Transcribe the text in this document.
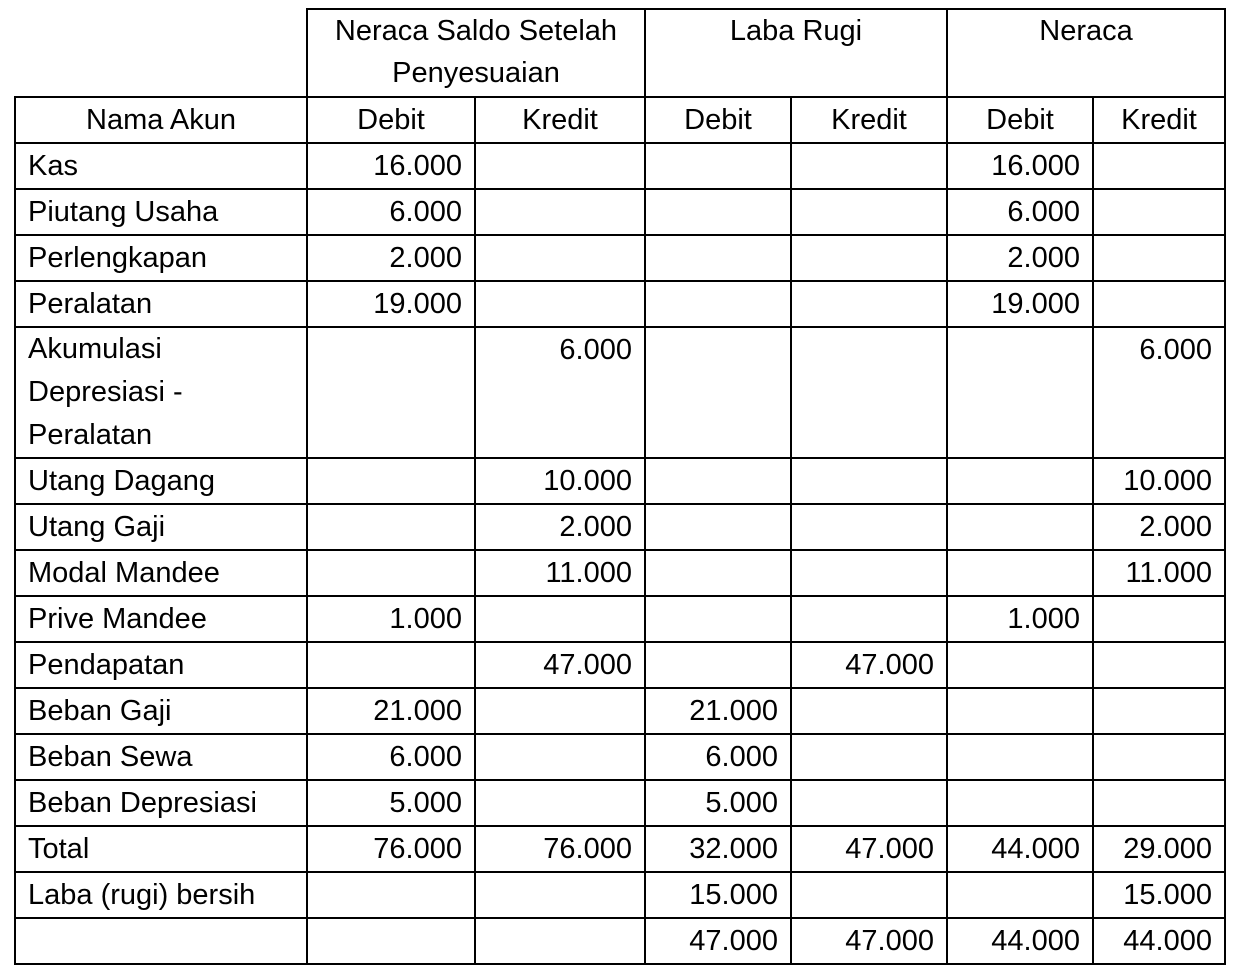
	Neraca Saldo Setelah Penyesuaian		Laba Rugi		Neraca	
Nama Akun	Debit	Kredit	Debit	Kredit	Debit	Kredit
Kas	16.000				16.000	
Piutang Usaha	6.000				6.000	
Perlengkapan	2.000				2.000	
Peralatan	19.000				19.000	
Akumulasi Depresiasi - Peralatan		6.000				6.000
Utang Dagang		10.000				10.000
Utang Gaji		2.000				2.000
Modal Mandee		11.000				11.000
Prive Mandee	1.000				1.000	
Pendapatan		47.000		47.000		
Beban Gaji	21.000		21.000			
Beban Sewa	6.000		6.000			
Beban Depresiasi	5.000		5.000			
Total	76.000	76.000	32.000	47.000	44.000	29.000
Laba (rugi) bersih			15.000			15.000
			47.000	47.000	44.000	44.000
